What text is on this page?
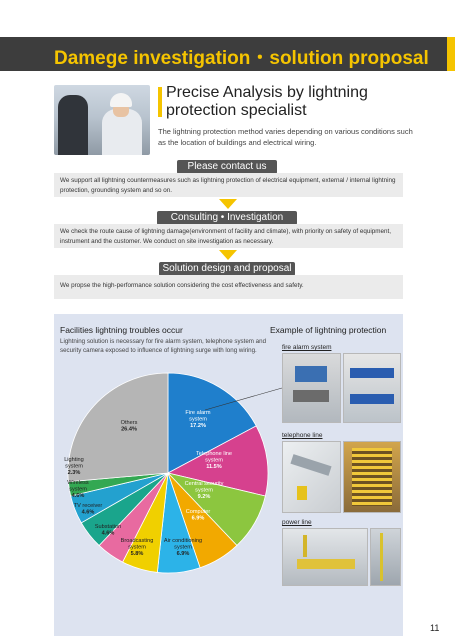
Damege investigation・solution proposal
Precise Analysis by lightning protection specialist
The lightning protection method varies depending on various conditions such as the location of buildings and electrical wiring.
Please contact us
We support all lightning countermeasures such as lightning protection of electrical equipment, external / internal lightning protection, grounding system and so on.
Consulting • Investigation
We check the route cause of lightning damage(environment of facility and climate), with priority on safety of equipment, instrument and the customer. We conduct on site investigation as necessary.
Solution design and proposal
We propse the high-performance solution considering the cost effectiveness and safety.
Facilities lightning troubles occur
Lightning solution is necessary for fire alarm system, telephone system and security camera exposed to influence of lightning surge with long wiring.
Example of lightning protection
Fire alarm system 17.2%
Telephone line system 11.5%
Central security system 9.2%
Computer 6.9%
Air conditioning system 6.9%
Broadcasting system 5.8%
Substation 4.6%
TV receiver 4.6%
Wireless system 4.6%
Lighting system 2.3%
Others 26.4%
fire alarm system
telephone line
power line
11
